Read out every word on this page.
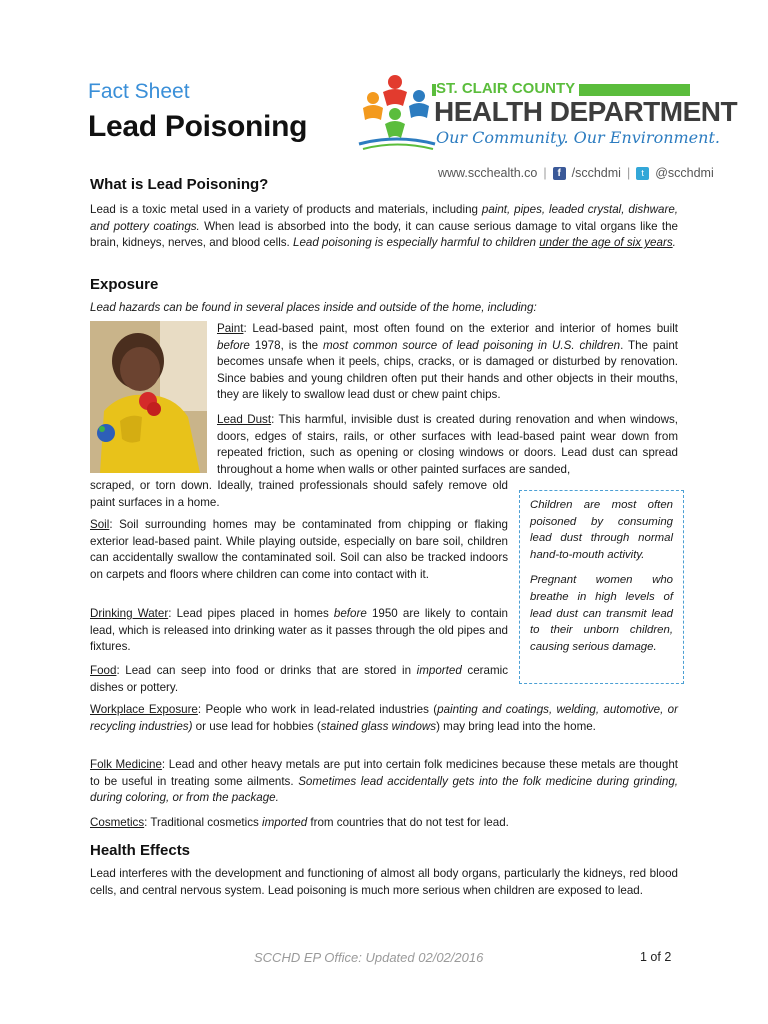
Fact Sheet
Lead Poisoning
ST. CLAIR COUNTY
HEALTH DEPARTMENT
Our Community. Our Environment.
www.scchealth.co |	f /scchdmi |	t @scchdmi
What is Lead Poisoning?
Lead is a toxic metal used in a variety of products and materials, including paint, pipes, leaded crystal, dishware, and pottery coatings. When lead is absorbed into the body, it can cause serious damage to vital organs like the brain, kidneys, nerves, and blood cells. Lead poisoning is especially harmful to children under the age of six years.
Exposure
Lead hazards can be found in several places inside and outside of the home, including:
Paint: Lead-based paint, most often found on the exterior and interior of homes built before 1978, is the most common source of lead poisoning in U.S. children. The paint becomes unsafe when it peels, chips, cracks, or is damaged or disturbed by renovation. Since babies and young children often put their hands and other objects in their mouths, they are likely to swallow lead dust or chew paint chips.
Lead Dust: This harmful, invisible dust is created during renovation and when windows, doors, edges of stairs, rails, or other surfaces with lead-based paint wear down from repeated friction, such as opening or closing windows or doors. Lead dust can spread throughout a home when walls or other painted surfaces are sanded,
scraped, or torn down. Ideally, trained professionals should safely remove old paint surfaces in a home.
Soil: Soil surrounding homes may be contaminated from chipping or flaking exterior lead-based paint. While playing outside, especially on bare soil, children can accidentally swallow the contaminated soil. Soil can also be tracked indoors on carpets and floors where children can come into contact with it.
Drinking Water: Lead pipes placed in homes before 1950 are likely to contain lead, which is released into drinking water as it passes through the old pipes and fixtures.
Food: Lead can seep into food or drinks that are stored in imported ceramic dishes or pottery.

Children are most often poisoned by consuming lead dust through normal hand-to-mouth activity.

Pregnant women who breathe in high levels of lead dust can transmit lead to their unborn children, causing serious damage.

Workplace Exposure: People who work in lead-related industries (painting and coatings, welding, automotive, or recycling industries) or use lead for hobbies (stained glass windows) may bring lead into the home.
Folk Medicine: Lead and other heavy metals are put into certain folk medicines because these metals are thought to be useful in treating some ailments. Sometimes lead accidentally gets into the folk medicine during grinding, during coloring, or from the package.
Cosmetics: Traditional cosmetics imported from countries that do not test for lead.
Health Effects
Lead interferes with the development and functioning of almost all body organs, particularly the kidneys, red blood cells, and central nervous system. Lead poisoning is much more serious when children are exposed to lead.
SCCHD EP Office: Updated 02/02/2016	1 of 2
